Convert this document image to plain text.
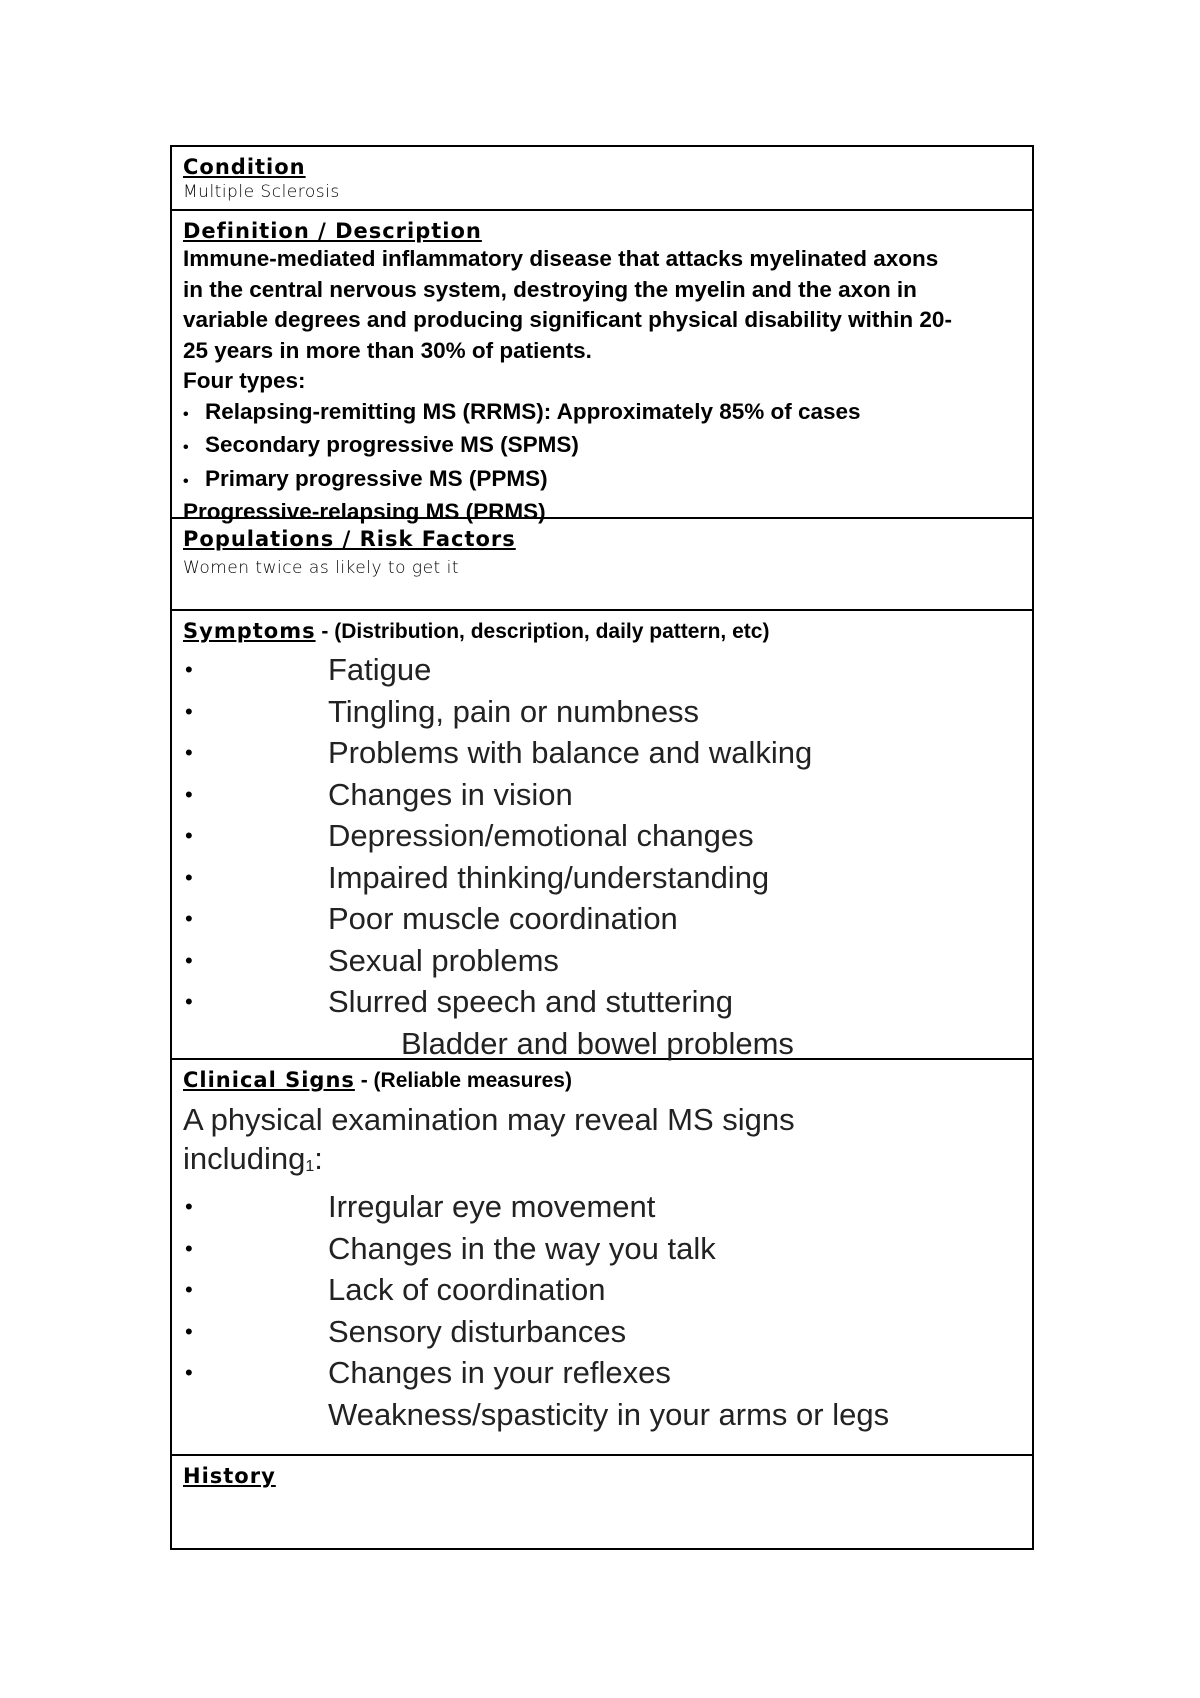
Condition
Multiple Sclerosis
Definition / Description
Immune-mediated inflammatory disease that attacks myelinated axons
in the central nervous system, destroying the myelin and the axon in
variable degrees and producing significant physical disability within 20-
25 years in more than 30% of patients.
Four types:
• Relapsing-remitting MS (RRMS): Approximately 85% of cases
• Secondary progressive MS (SPMS)
• Primary progressive MS (PPMS)
Progressive-relapsing MS (PRMS)
Populations / Risk Factors
Women twice as likely to get it
Symptoms - (Distribution, description, daily pattern, etc)
•	Fatigue
•	Tingling, pain or numbness
•	Problems with balance and walking
•	Changes in vision
•	Depression/emotional changes
•	Impaired thinking/understanding
•	Poor muscle coordination
•	Sexual problems
•	Slurred speech and stuttering
Bladder and bowel problems
Clinical Signs - (Reliable measures)
A physical examination may reveal MS signs
including$_1$:
•	Irregular eye movement
•	Changes in the way you talk
•	Lack of coordination
•	Sensory disturbances
•	Changes in your reflexes
Weakness/spasticity in your arms or legs
History
